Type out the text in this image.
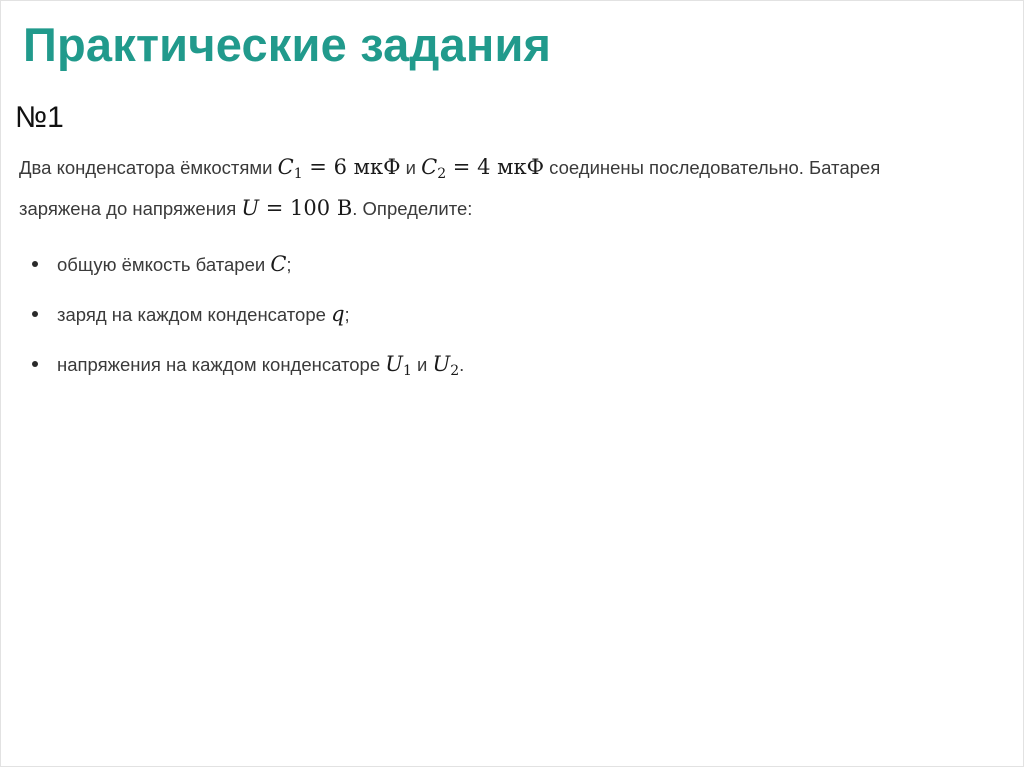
Практические задания
№1

Два конденсатора ёмкостями $C_1 = 6$ мкФ и $C_2 = 4$ мкФ соединены последовательно. Батарея
заряжена до напряжения U = 100 В. Определите:

общую ёмкость батареи C;
заряд на каждом конденсаторе q;
напряжения на каждом конденсаторе $U_1$ и $U_2$.
